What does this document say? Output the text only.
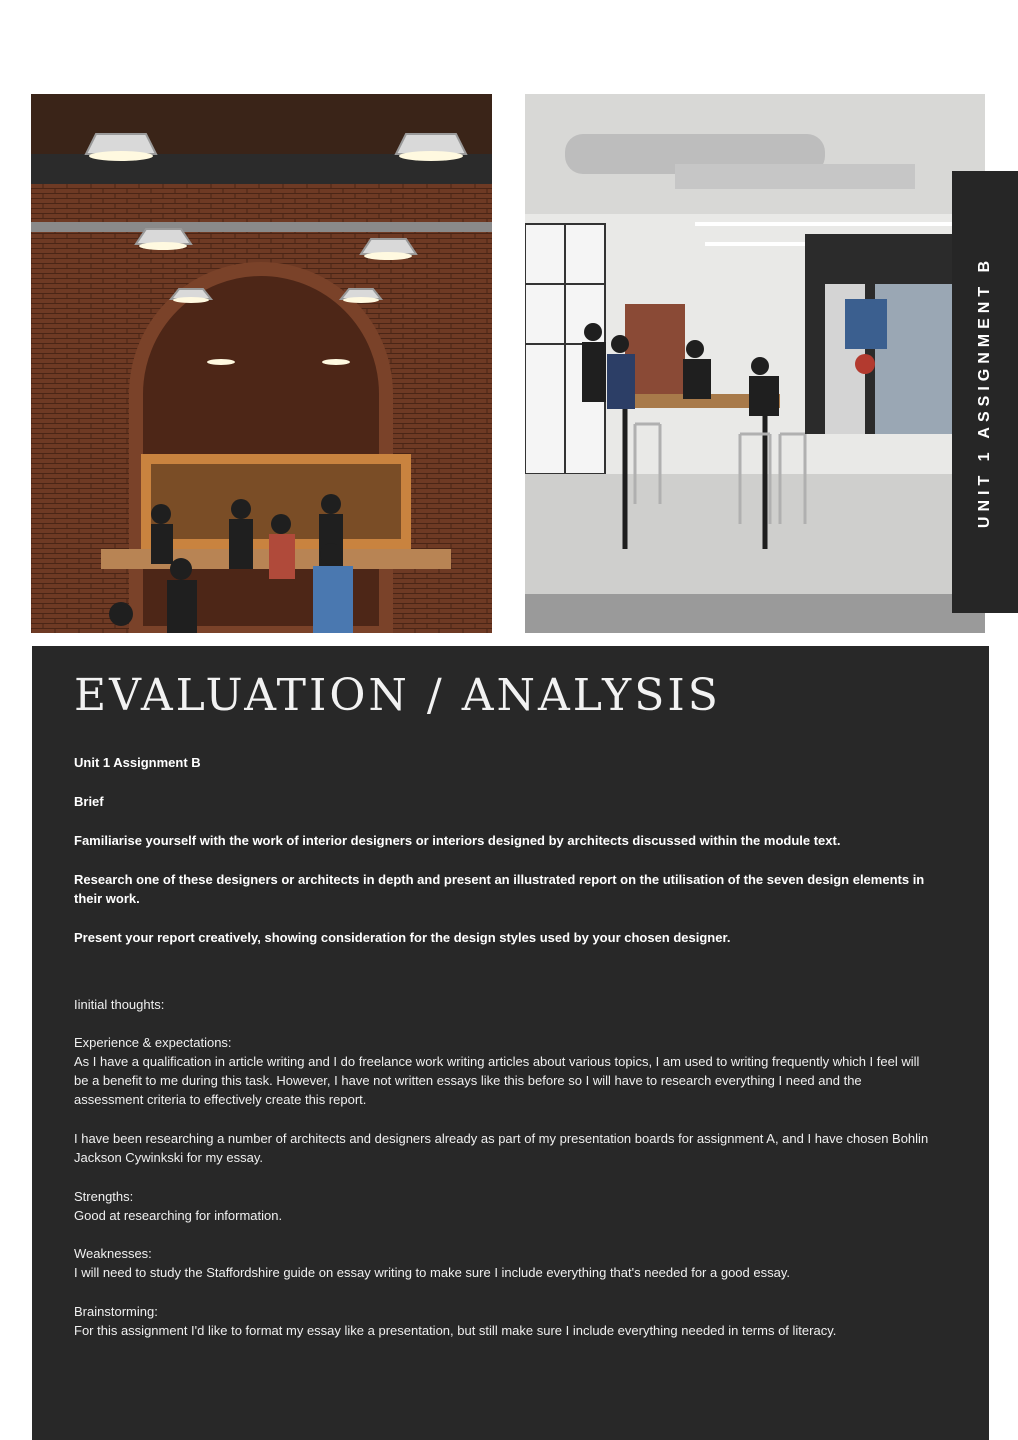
UNIT 1 ASSIGNMENT B
EVALUATION / ANALYSIS

Unit 1 Assignment B

Brief

Familiarise yourself with the work of interior designers or interiors designed by architects discussed within the module text.

Research one of these designers or architects in depth and present an illustrated report on the utilisation of the seven design elements in their work.

Present your report creatively, showing consideration for the design styles used by your chosen designer.

Iinitial thoughts:

Experience & expectations:

As I have a qualification in article writing and I do freelance work writing articles about various topics, I am used to writing frequently which I feel will be a benefit to me during this task. However, I have not written essays like this before so I will have to research everything I need and the assessment criteria to effectively create this report.

I have been researching a number of architects and designers already as part of my presentation boards for assignment A, and I have chosen Bohlin Jackson Cywinkski for my essay.

Strengths:

Good at researching for information.

Weaknesses:

I will need to study the Staffordshire guide on essay writing to make sure I include everything that's needed for a good essay.

Brainstorming:

For this assignment I'd like to format my essay like a presentation, but still make sure I include everything needed in terms of literacy.
